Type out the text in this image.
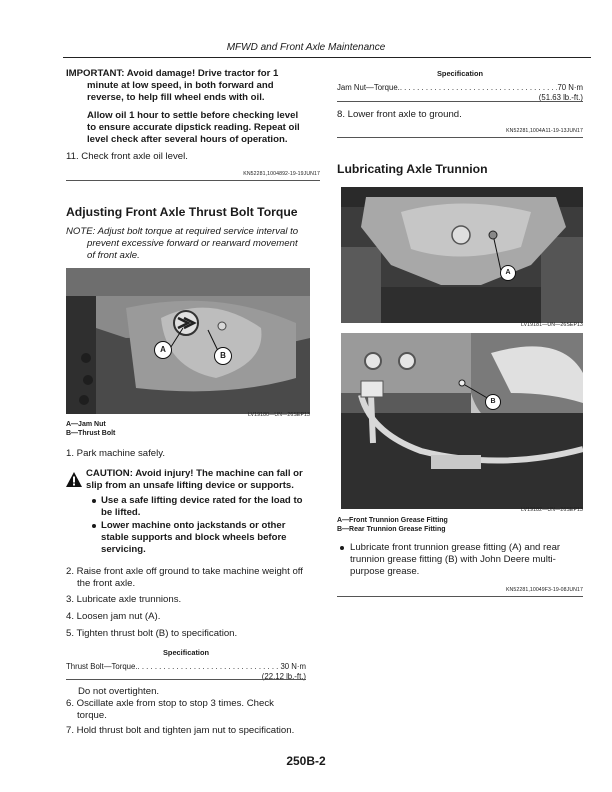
MFWD and Front Axle Maintenance

IMPORTANT: Avoid damage! Drive tractor for 1

minute at low speed, in both forward and

reverse, to help fill wheel ends with oil.

Allow oil 1 hour to settle before checking level

to ensure accurate dipstick reading. Repeat oil

level check after several hours of operation.

11. Check front axle oil level.

KN52281,1004892-19-19JUN17
Adjusting Front Axle Thrust Bolt Torque

NOTE: Adjust bolt torque at required service interval to

prevent excessive forward or rearward movement

of front axle.

A
B
LV19180—UN—26SEP13
A—Jam Nut
B—Thrust Bolt

1. Park machine safely.

CAUTION: Avoid injury! The machine can fall or

slip from an unsafe lifting device or supports.

Use a safe lifting device rated for the load to

be lifted.

Lower machine onto jackstands or other

stable supports and block wheels before

servicing.

2. Raise front axle off ground to take machine weight off

the front axle.

3. Lubricate axle trunnions.

4. Loosen jam nut (A).

5. Tighten thrust bolt (B) to specification.

Specification
Thrust Bolt—Torque. . . .	30 N·m
(22.12 lb.-ft.)

Do not overtighten.

6. Oscillate axle from stop to stop 3 times. Check

torque.

7. Hold thrust bolt and tighten jam nut to specification.

Specification
Jam Nut—Torque. . . .	70 N·m
(51.63 lb.-ft.)

8. Lower front axle to ground.

KN52281,1004A11-19-13JUN17
Lubricating Axle Trunnion
A
LV19181—UN—26SEP13
B
LV19182—UN—26SEP13
A—Front Trunnion Grease Fitting
B—Rear Trunnion Grease Fitting

Lubricate front trunnion grease fitting (A) and rear

trunnion grease fitting (B) with John Deere multi-

purpose grease.

KN52281,10049F3-19-08JUN17
250B-2
